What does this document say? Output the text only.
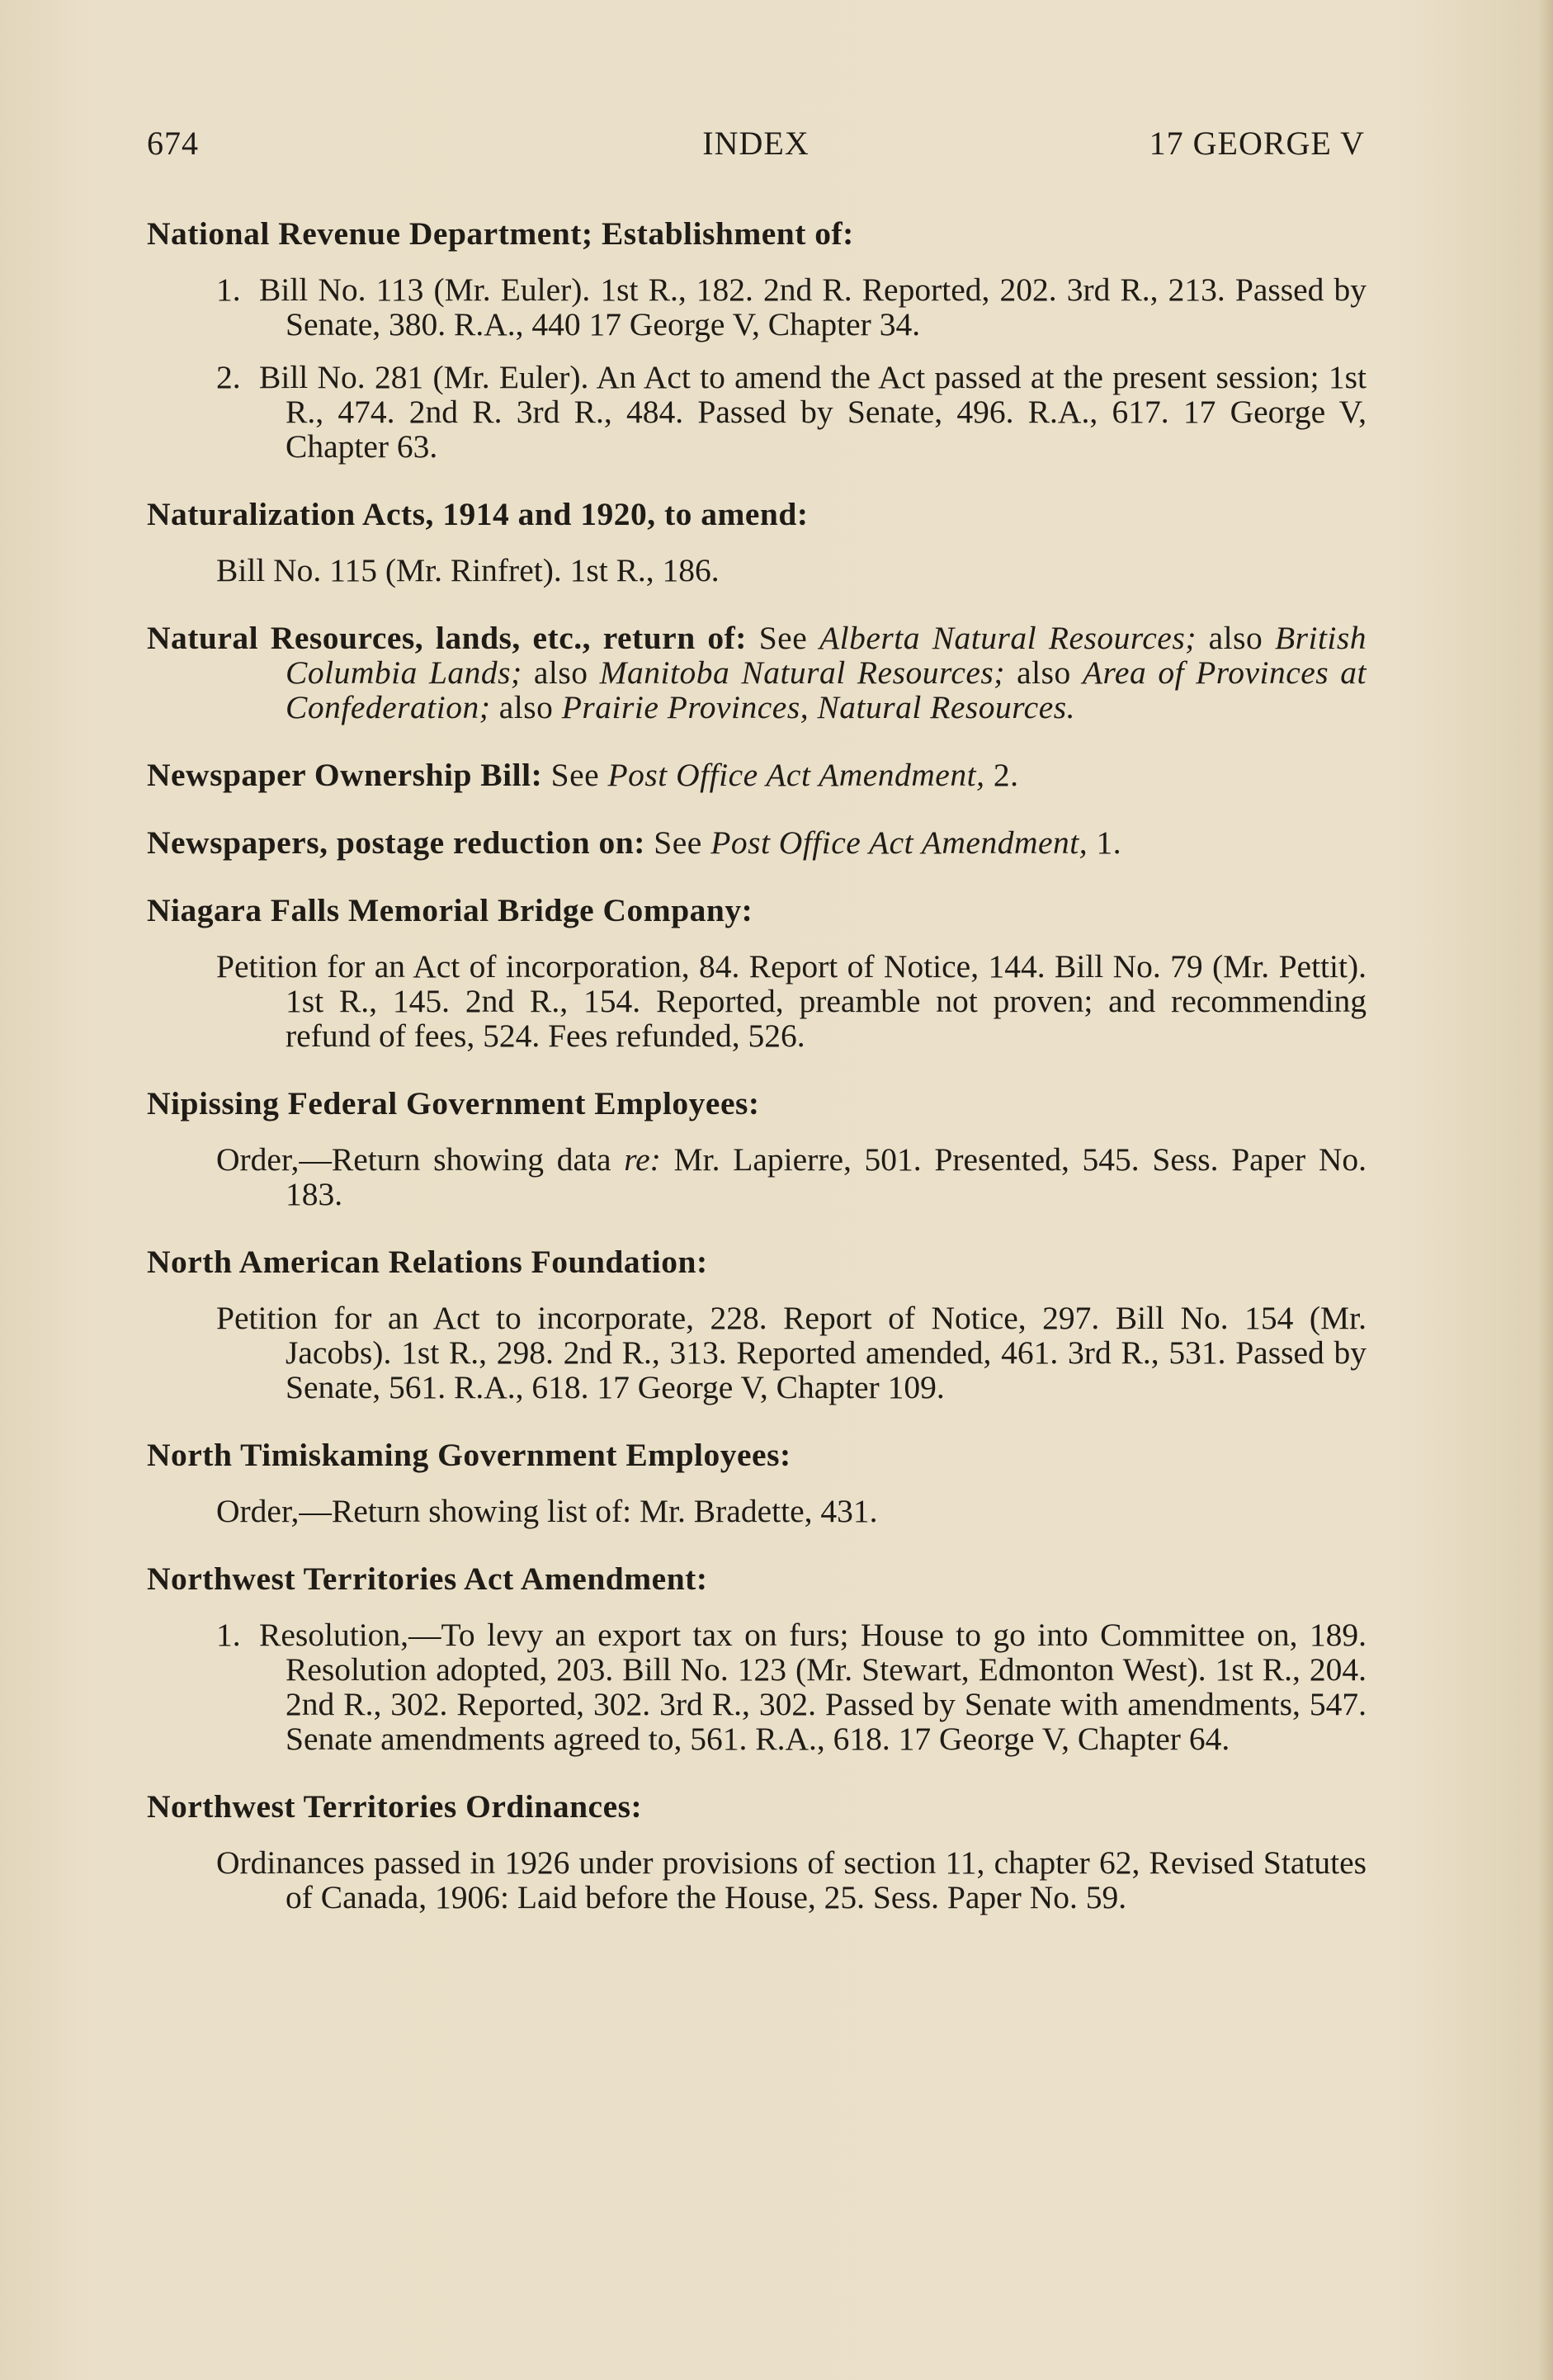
674	INDEX	17 GEORGE V
National Revenue Department; Establishment of:
1. Bill No. 113 (Mr. Euler). 1st R., 182. 2nd R. Reported, 202. 3rd R., 213. Passed by Senate, 380. R.A., 440 17 George V, Chapter 34.
2. Bill No. 281 (Mr. Euler). An Act to amend the Act passed at the present session; 1st R., 474. 2nd R. 3rd R., 484. Passed by Senate, 496. R.A., 617. 17 George V, Chapter 63.
Naturalization Acts, 1914 and 1920, to amend:
Bill No. 115 (Mr. Rinfret). 1st R., 186.
Natural Resources, lands, etc., return of: See Alberta Natural Resources; also British Columbia Lands; also Manitoba Natural Resources; also Area of Provinces at Confederation; also Prairie Provinces, Natural Resources.
Newspaper Ownership Bill: See Post Office Act Amendment, 2.
Newspapers, postage reduction on: See Post Office Act Amendment, 1.
Niagara Falls Memorial Bridge Company:
Petition for an Act of incorporation, 84. Report of Notice, 144. Bill No. 79 (Mr. Pettit). 1st R., 145. 2nd R., 154. Reported, preamble not proven; and recommending refund of fees, 524. Fees refunded, 526.
Nipissing Federal Government Employees:
Order,—Return showing data re: Mr. Lapierre, 501. Presented, 545. Sess. Paper No. 183.
North American Relations Foundation:
Petition for an Act to incorporate, 228. Report of Notice, 297. Bill No. 154 (Mr. Jacobs). 1st R., 298. 2nd R., 313. Reported amended, 461. 3rd R., 531. Passed by Senate, 561. R.A., 618. 17 George V, Chapter 109.
North Timiskaming Government Employees:
Order,—Return showing list of: Mr. Bradette, 431.
Northwest Territories Act Amendment:
1. Resolution,—To levy an export tax on furs; House to go into Committee on, 189. Resolution adopted, 203. Bill No. 123 (Mr. Stewart, Edmonton West). 1st R., 204. 2nd R., 302. Reported, 302. 3rd R., 302. Passed by Senate with amendments, 547. Senate amendments agreed to, 561. R.A., 618. 17 George V, Chapter 64.
Northwest Territories Ordinances:
Ordinances passed in 1926 under provisions of section 11, chapter 62, Revised Statutes of Canada, 1906: Laid before the House, 25. Sess. Paper No. 59.
